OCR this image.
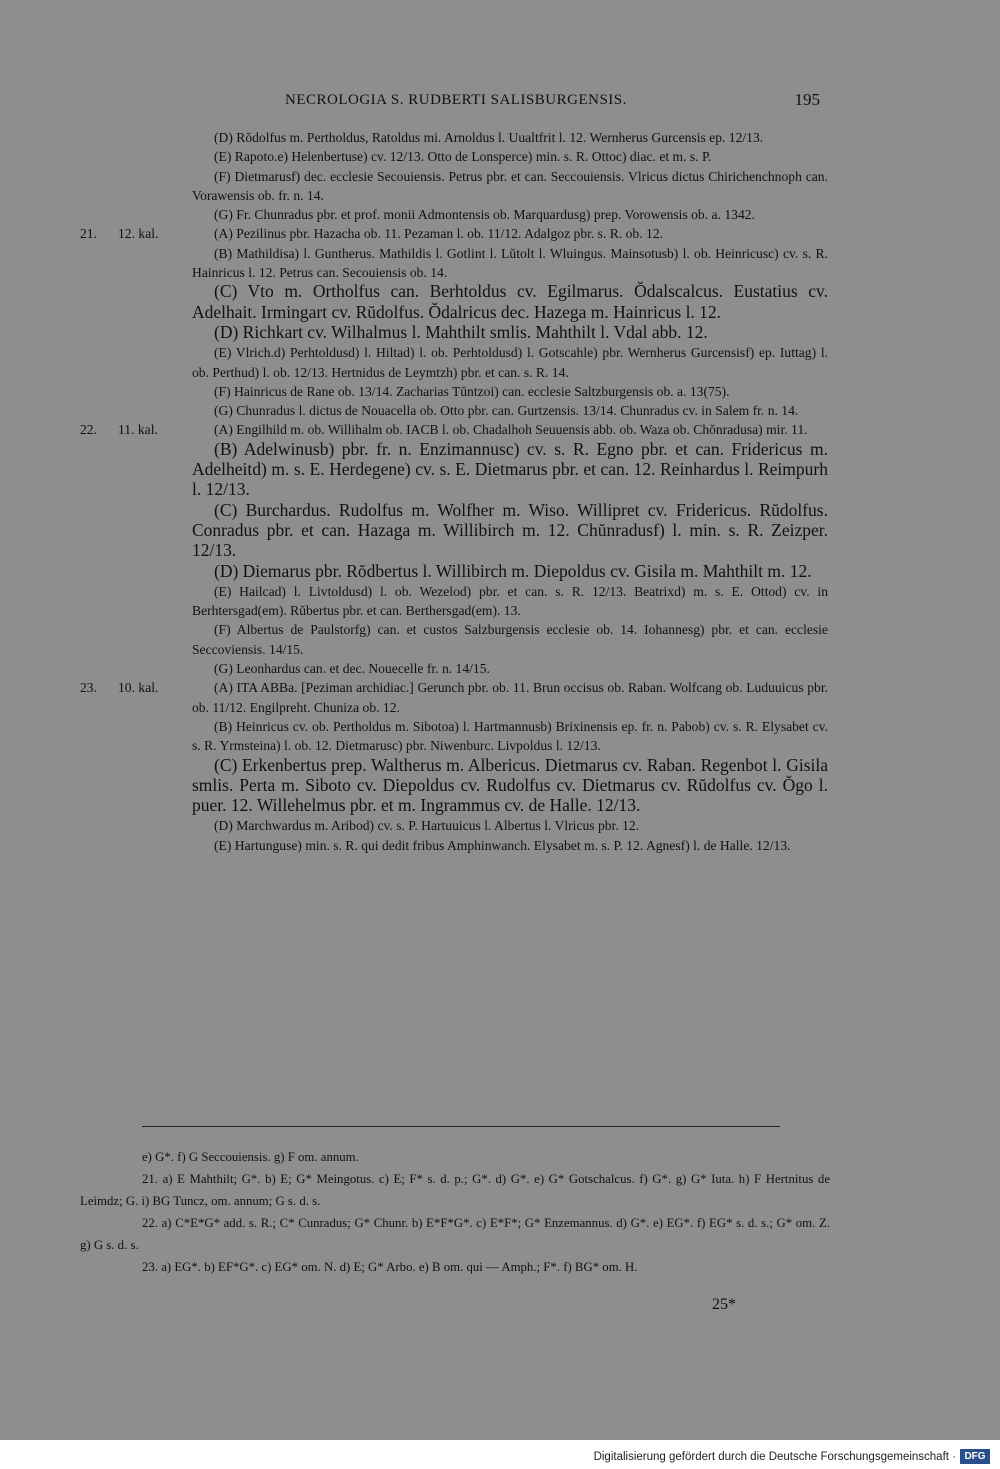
NECROLOGIA S. RUDBERTI SALISBURGENSIS.	195
(D) Rŏdolfus m. Pertholdus, Ratoldus mi. Arnoldus l. Uualtfrit l. 12. Wernherus Gurcensis ep. 12/13.
(E) Rapoto.e) Helenbertuse) cv. 12/13. Otto de Lonspercе) min. s. R. Ottoc) diac. et m. s. P.
(F) Dietmarusf) dec. ecclesie Secouiensis. Petrus pbr. et can. Seccouiensis. Vlricus dictus Chirichenchnoph can. Vorawensis ob. fr. n. 14.
(G) Fr. Chunradus pbr. et prof. monii Admontensis ob. Marquardusg) prep. Vorowensis ob. a. 1342.
21. 12. kal.	(A) Pezilinus pbr. Hazacha ob. 11. Pezaman l. ob. 11/12. Adalgoz pbr. s. R. ob. 12.
(B) Mathildisa) l. Guntherus. Mathildis l. Gotlint l. Lŭtolt l. Wluingus. Mainsotusb) l. ob. Heinricusc) cv. s. R. Hainricus l. 12. Petrus can. Secouiensis ob. 14.
(C) Vto m. Ortholfus can. Berhtoldus cv. Egilmarus. Ŏdalscalcus. Eustatius cv. Adelhait. Irmingart cv. Rŭdolfus. Ŏdalricus dec. Hazega m. Hainricus l. 12.
(D) Richkart cv. Wilhalmus l. Mahthilt smlis. Mahthilt l. Vdal abb. 12.
(E) Vlrich.d) Perhtoldusd) l. Hiltad) l. ob. Perhtoldusd) l. Gotscahle) pbr. Wernherus Gurcensisf) ep. Iuttag) l. ob. Perthud) l. ob. 12/13. Hertnidus de Leymtzh) pbr. et can. s. R. 14.
(F) Hainricus de Rane ob. 13/14. Zacharias Tŭntzoi) can. ecclesie Saltzburgensis ob. a. 13(75).
(G) Chunradus l. dictus de Nouacella ob. Otto pbr. can. Gurtzensis. 13/14. Chunradus cv. in Salem fr. n. 14.
22. 11. kal.	(A) Engilhild m. ob. Willihalm ob. IACB l. ob. Chadalhoh Seuuensis abb. ob. Waza ob. Chŏnradusa) mir. 11.
(B) Adelwinusb) pbr. fr. n. Enzimannusc) cv. s. R. Egno pbr. et can. Fridericus m. Adelheitd) m. s. E. Herdegene) cv. s. E. Dietmarus pbr. et can. 12. Reinhardus l. Reimpurh l. 12/13.
(C) Burchardus. Rudolfus m. Wolfher m. Wiso. Willipret cv. Fridericus. Rŭdolfus. Conradus pbr. et can. Hazaga m. Willibirch m. 12. Chŭnradusf) l. min. s. R. Zeizper. 12/13.
(D) Diemarus pbr. Rŏdbertus l. Willibirch m. Diepoldus cv. Gisila m. Mahthilt m. 12.
(E) Hailcad) l. Livtoldusd) l. ob. Wezelod) pbr. et can. s. R. 12/13. Beatrixd) m. s. E. Ottod) cv. in Berhtersgad(em). Rŭbertus pbr. et can. Berthersgad(em). 13.
(F) Albertus de Paulstorfg) can. et custos Salzburgensis ecclesie ob. 14. Iohannesg) pbr. et can. ecclesie Seccoviensis. 14/15.
(G) Leonhardus can. et dec. Nouecelle fr. n. 14/15.
23. 10. kal.	(A) ITA ABBa. [Peziman archidiac.] Gerunch pbr. ob. 11. Brun occisus ob. Raban. Wolfcang ob. Luduuicus pbr. ob. 11/12. Engilpreht. Chuniza ob. 12.
(B) Heinricus cv. ob. Pertholdus m. Sibotoa) l. Hartmannusb) Brixinensis ep. fr. n. Pabob) cv. s. R. Elysabet cv. s. R. Yrmsteina) l. ob. 12. Dietmarusc) pbr. Niwenburc. Livpoldus l. 12/13.
(C) Erkenbertus prep. Waltherus m. Albericus. Dietmarus cv. Raban. Regenbot l. Gisila smlis. Perta m. Siboto cv. Diepoldus cv. Rudolfus cv. Dietmarus cv. Rŭdolfus cv. Ŏgo l. puer. 12. Willehelmus pbr. et m. Ingrammus cv. de Halle. 12/13.
(D) Marchwardus m. Aribod) cv. s. P. Hartuuicus l. Albertus l. Vlricus pbr. 12.
(E) Hartunguse) min. s. R. qui dedit fribus Amphinwanch. Elysabet m. s. P. 12. Agnesf) l. de Halle. 12/13.
e) G*. f) G Seccouiensis. g) F om. annum.
21. a) E Mahthilt; G*. b) E; G* Meingotus. c) E; F* s. d. p.; G*. d) G*. e) G* Gotschalcus. f) G*. g) G* Iuta. h) F Hertnitus de Leimdz; G. i) BG Tuncz, om. annum; G s. d. s.
22. a) C*E*G* add. s. R.; C* Cunradus; G* Chunr. b) E*F*G*. c) E*F*; G* Enzemannus. d) G*. e) EG*. f) EG* s. d. s.; G* om. Z. g) G s. d. s.
23. a) EG*. b) EF*G*. c) EG* om. N. d) E; G* Arbo. e) B om. qui — Amph.; F*. f) BG* om. H.
25*
Digitalisierung gefördert durch die Deutsche Forschungsgemeinschaft · DFG
